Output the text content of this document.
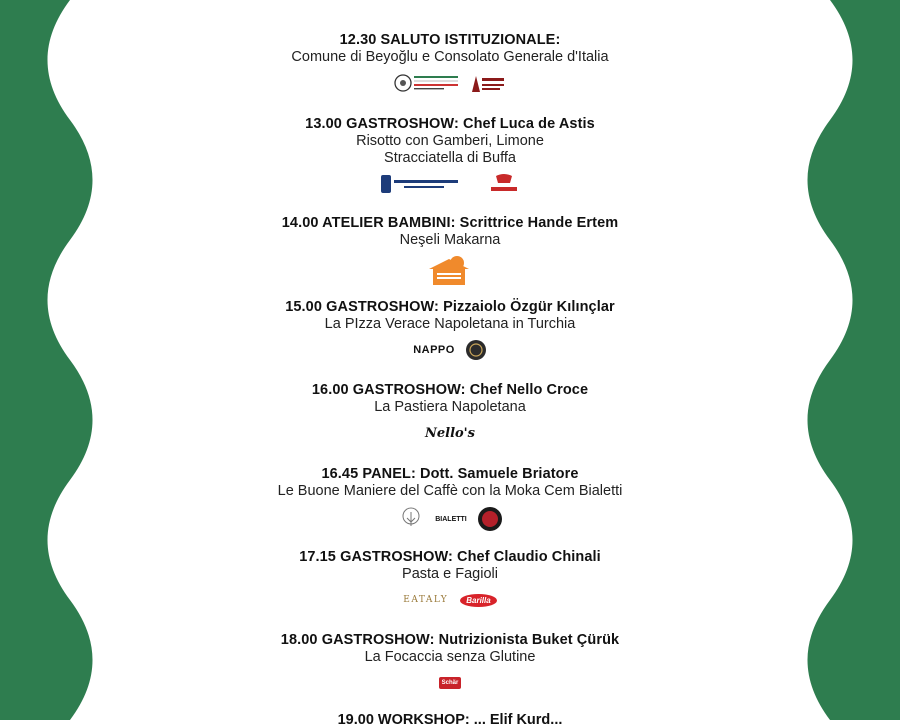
12.30 SALUTO ISTITUZIONALE:
Comune di Beyoğlu e Consolato Generale d'Italia
13.00 GASTROSHOW: Chef Luca de Astis
Risotto con Gamberi, Limone
Stracciatella di Buffa
14.00 ATELIER BAMBINI: Scrittrice Hande Ertem
Neşeli Makarna
15.00 GASTROSHOW: Pizzaiolo Özgür Kılınçlar
La PIzza Verace Napoletana in Turchia
NAPPO
16.00 GASTROSHOW: Chef Nello Croce
La Pastiera Napoletana
Nello's
16.45 PANEL: Dott. Samuele Briatore
Le Buone Maniere del Caffè con la Moka Cem Bialetti
BIALETTI
17.15 GASTROSHOW: Chef Claudio Chinali
Pasta e Fagioli
EATALY	Barilla
18.00 GASTROSHOW: Nutrizionista Buket Çürük
La Focaccia senza Glutine
Schär
19.00 WORKSHOP: ... Elif Kurd...
